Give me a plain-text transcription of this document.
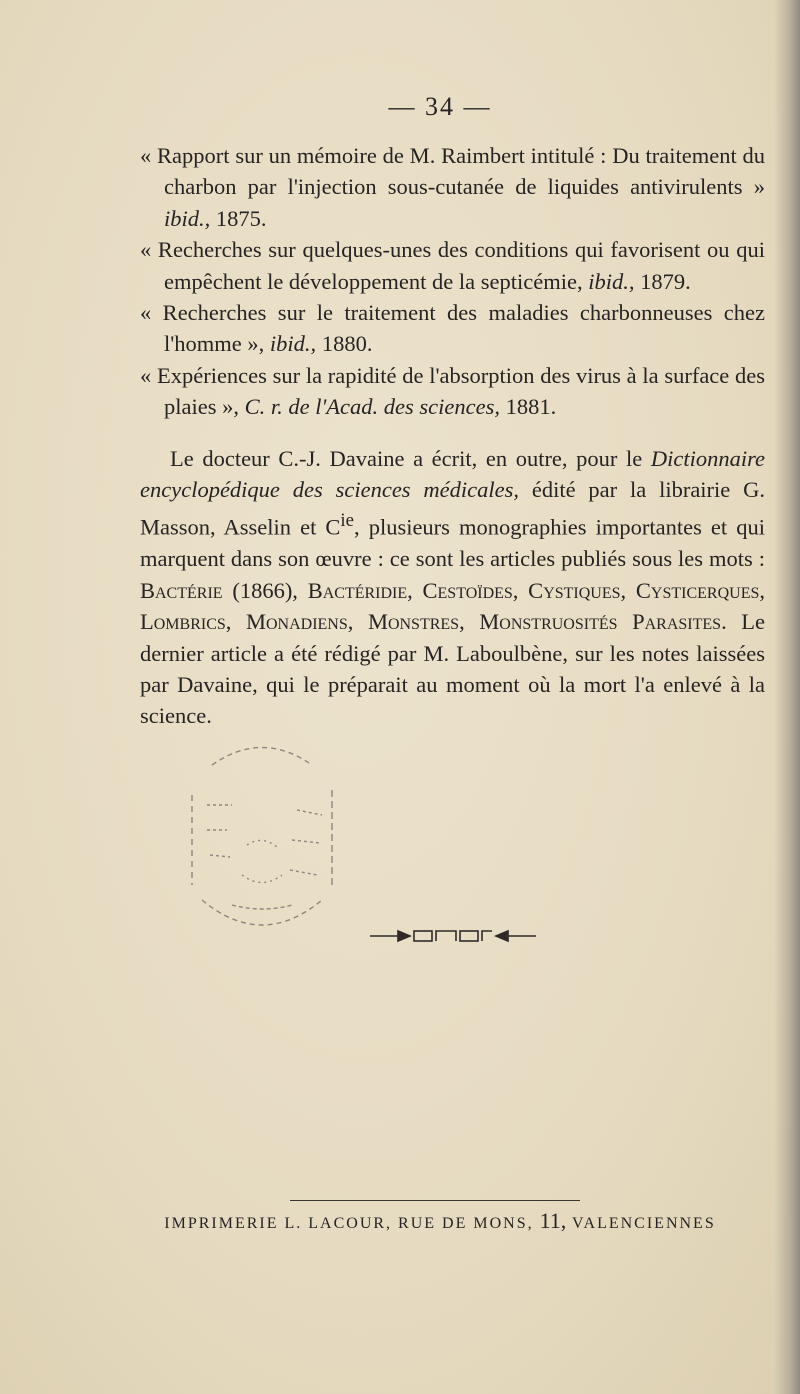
— 34 —

« Rapport sur un mémoire de M. Raimbert intitulé : Du traitement du charbon par l'injection sous-cutanée de liquides antivirulents » ibid., 1875.

« Recherches sur quelques-unes des conditions qui favorisent ou qui empêchent le développement de la septicémie, ibid., 1879.

« Recherches sur le traitement des maladies charbonneuses chez l'homme », ibid., 1880.

« Expériences sur la rapidité de l'absorption des virus à la surface des plaies », C. r. de l'Acad. des sciences, 1881.

Le docteur C.-J. Davaine a écrit, en outre, pour le Dictionnaire encyclopédique des sciences médicales, édité par la librairie G. Masson, Asselin et $C^{ie}$, plusieurs monographies importantes et qui marquent dans son œuvre : ce sont les articles publiés sous les mots : Bactérie (1866), Bactéridie, Cestoïdes, Cystiques, Cysticerques, Lombrics, Monadiens, Monstres, Monstruosités Parasites. Le dernier article a été rédigé par M. Laboulbène, sur les notes laissées par Davaine, qui le préparait au moment où la mort l'a enlevé à la science.

IMPRIMERIE L. LACOUR, RUE DE MONS, 11, VALENCIENNES
